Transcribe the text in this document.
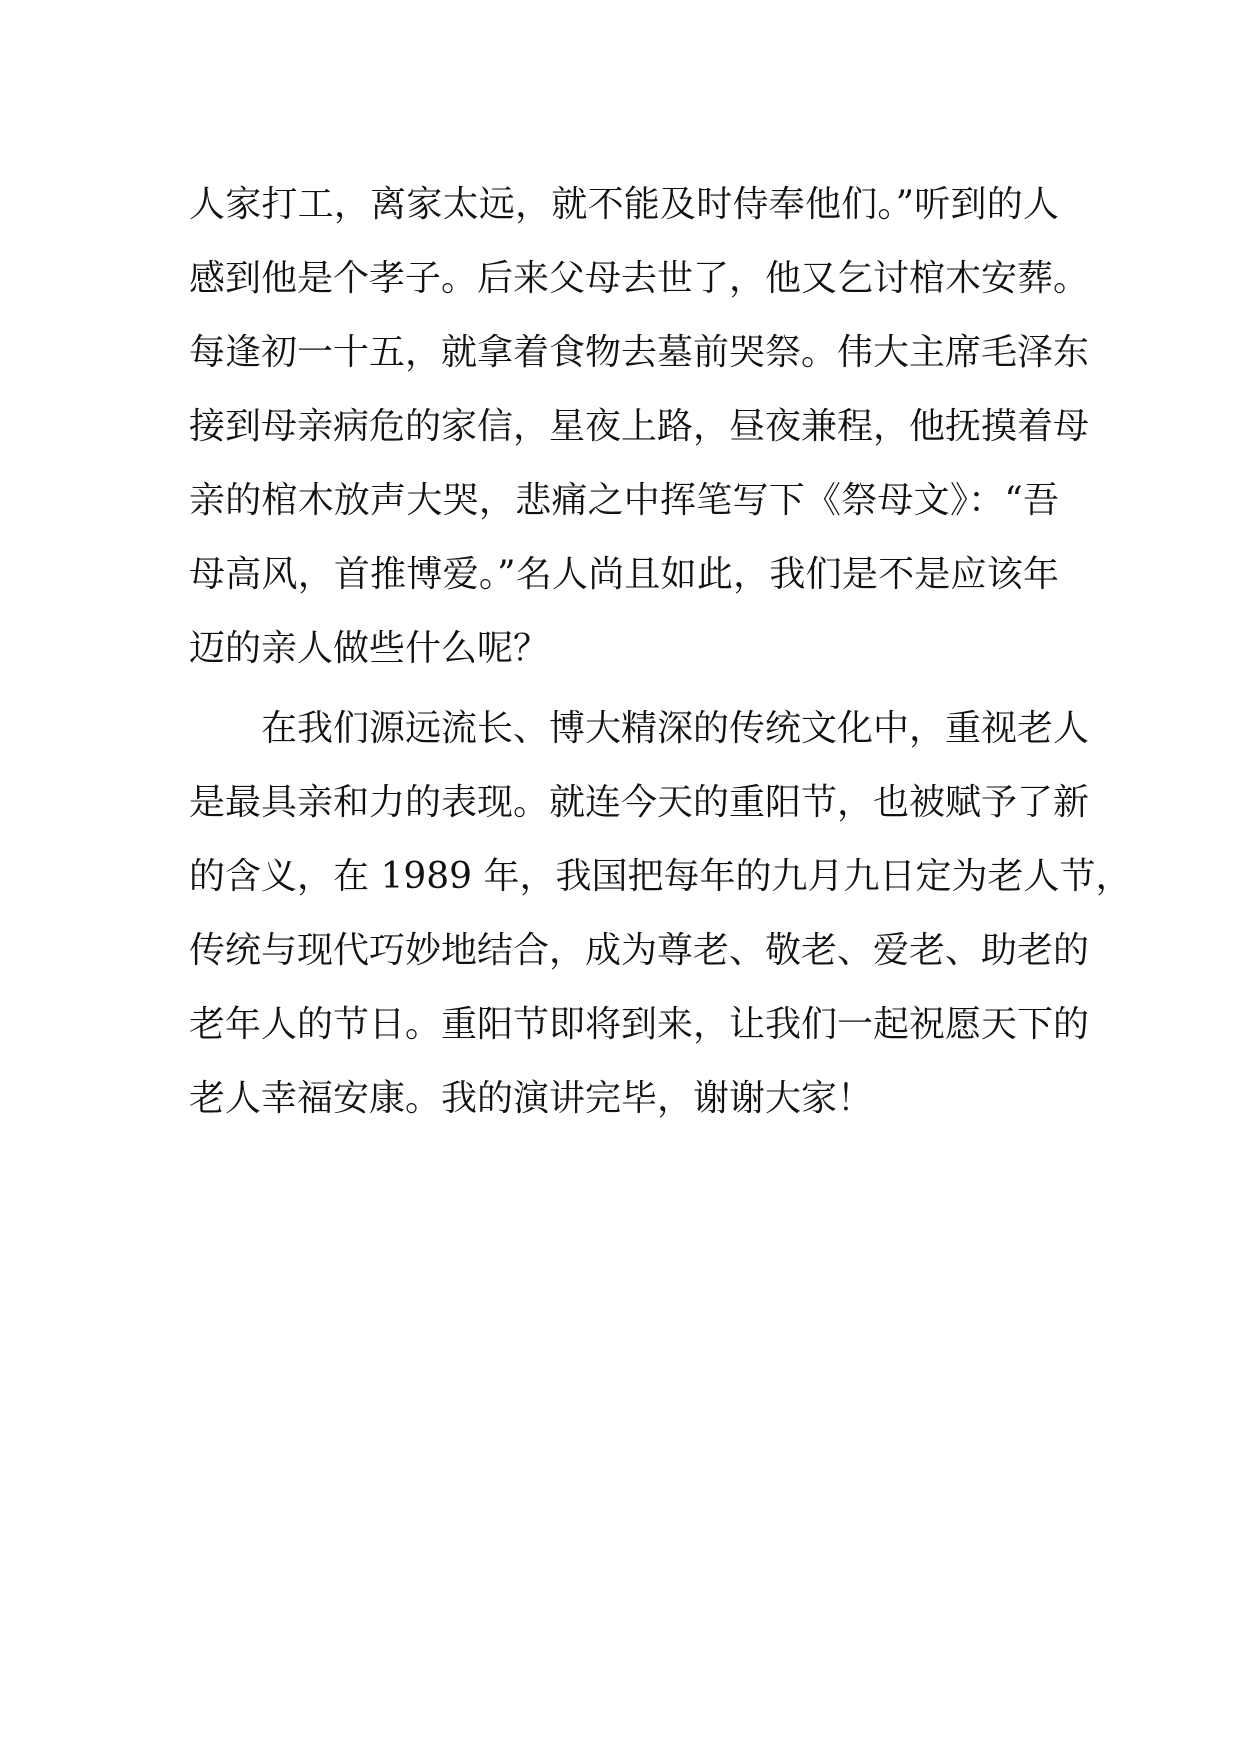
人家打工，离家太远，就不能及时侍奉他们。”听到的人
感到他是个孝子。后来父母去世了，他又乞讨棺木安葬。
每逢初一十五，就拿着食物去墓前哭祭。伟大主席毛泽东
接到母亲病危的家信，星夜上路，昼夜兼程，他抚摸着母
亲的棺木放声大哭，悲痛之中挥笔写下《祭母文》：“吾
母高风，首推博爱。”名人尚且如此，我们是不是应该年
迈的亲人做些什么呢？
　　在我们源远流长、博大精深的传统文化中，重视老人
是最具亲和力的表现。就连今天的重阳节，也被赋予了新
的含义，在 1989 年，我国把每年的九月九日定为老人节，
传统与现代巧妙地结合，成为尊老、敬老、爱老、助老的
老年人的节日。重阳节即将到来，让我们一起祝愿天下的
老人幸福安康。我的演讲完毕，谢谢大家！
